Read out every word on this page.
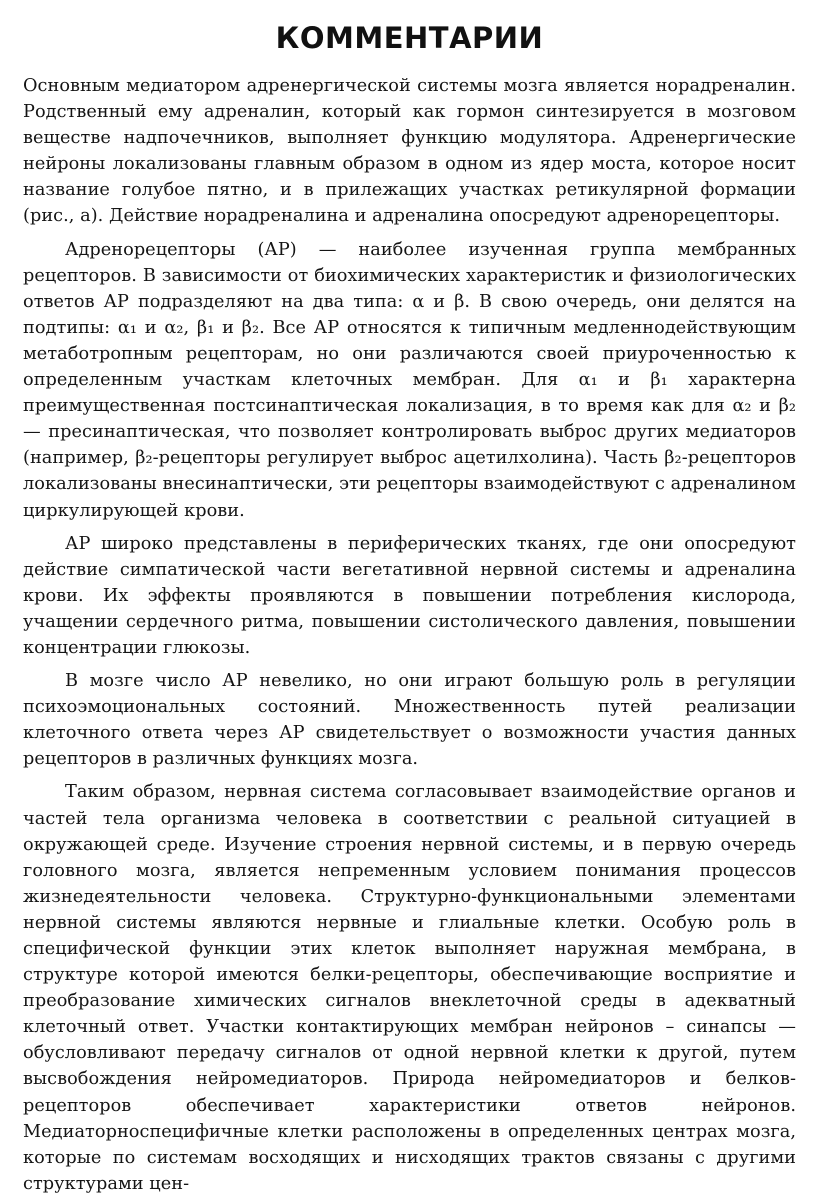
КОММЕНТАРИИ

Основным медиатором адренергической системы мозга является норадреналин. Родственный ему адреналин, который как гормон синтезируется в мозговом веществе надпочечников, выполняет функцию модулятора. Адренергические нейроны локализованы главным образом в одном из ядер моста, которое носит название голубое пятно, и в прилежащих участках ретикулярной формации (рис., а). Действие норадреналина и адреналина опосредуют адренорецепторы.

Адренорецепторы (АР) — наиболее изученная группа мембранных рецепторов. В зависимости от биохимических характеристик и физиологических ответов АР подразделяют на два типа: α и β. В свою очередь, они делятся на подтипы: α₁ и α₂, β₁ и β₂. Все АР относятся к типичным медленнодействующим метаботропным рецепторам, но они различаются своей приуроченностью к определенным участкам клеточных мембран. Для α₁ и β₁ характерна преимущественная постсинаптическая локализация, в то время как для α₂ и β₂ — пресинаптическая, что позволяет контролировать выброс других медиаторов (например, β₂-рецепторы регулирует выброс ацетилхолина). Часть β₂-рецепторов локализованы внесинаптически, эти рецепторы взаимодействуют с адреналином циркулирующей крови.

АР широко представлены в периферических тканях, где они опосредуют действие симпатической части вегетативной нервной системы и адреналина крови. Их эффекты проявляются в повышении потребления кислорода, учащении сердечного ритма, повышении систолического давления, повышении концентрации глюкозы.

В мозге число АР невелико, но они играют большую роль в регуляции психоэмоциональных состояний. Множественность путей реализации клеточного ответа через АР свидетельствует о возможности участия данных рецепторов в различных функциях мозга.

Таким образом, нервная система согласовывает взаимодействие органов и частей тела организма человека в соответствии с реальной ситуацией в окружающей среде. Изучение строения нервной системы, и в первую очередь головного мозга, является непременным условием понимания процессов жизнедеятельности человека. Структурно-функциональными элементами нервной системы являются нервные и глиальные клетки. Особую роль в специфической функции этих клеток выполняет наружная мембрана, в структуре которой имеются белки-рецепторы, обеспечивающие восприятие и преобразование химических сигналов внеклеточной среды в адекватный клеточный ответ. Участки контактирующих мембран нейронов – синапсы — обусловливают передачу сигналов от одной нервной клетки к другой, путем высвобождения нейромедиаторов. Природа нейромедиаторов и белков-рецепторов обеспечивает характеристики ответов нейронов. Медиаторноспецифичные клетки расположены в определенных центрах мозга, которые по системам восходящих и нисходящих трактов связаны с другими структурами цен-
